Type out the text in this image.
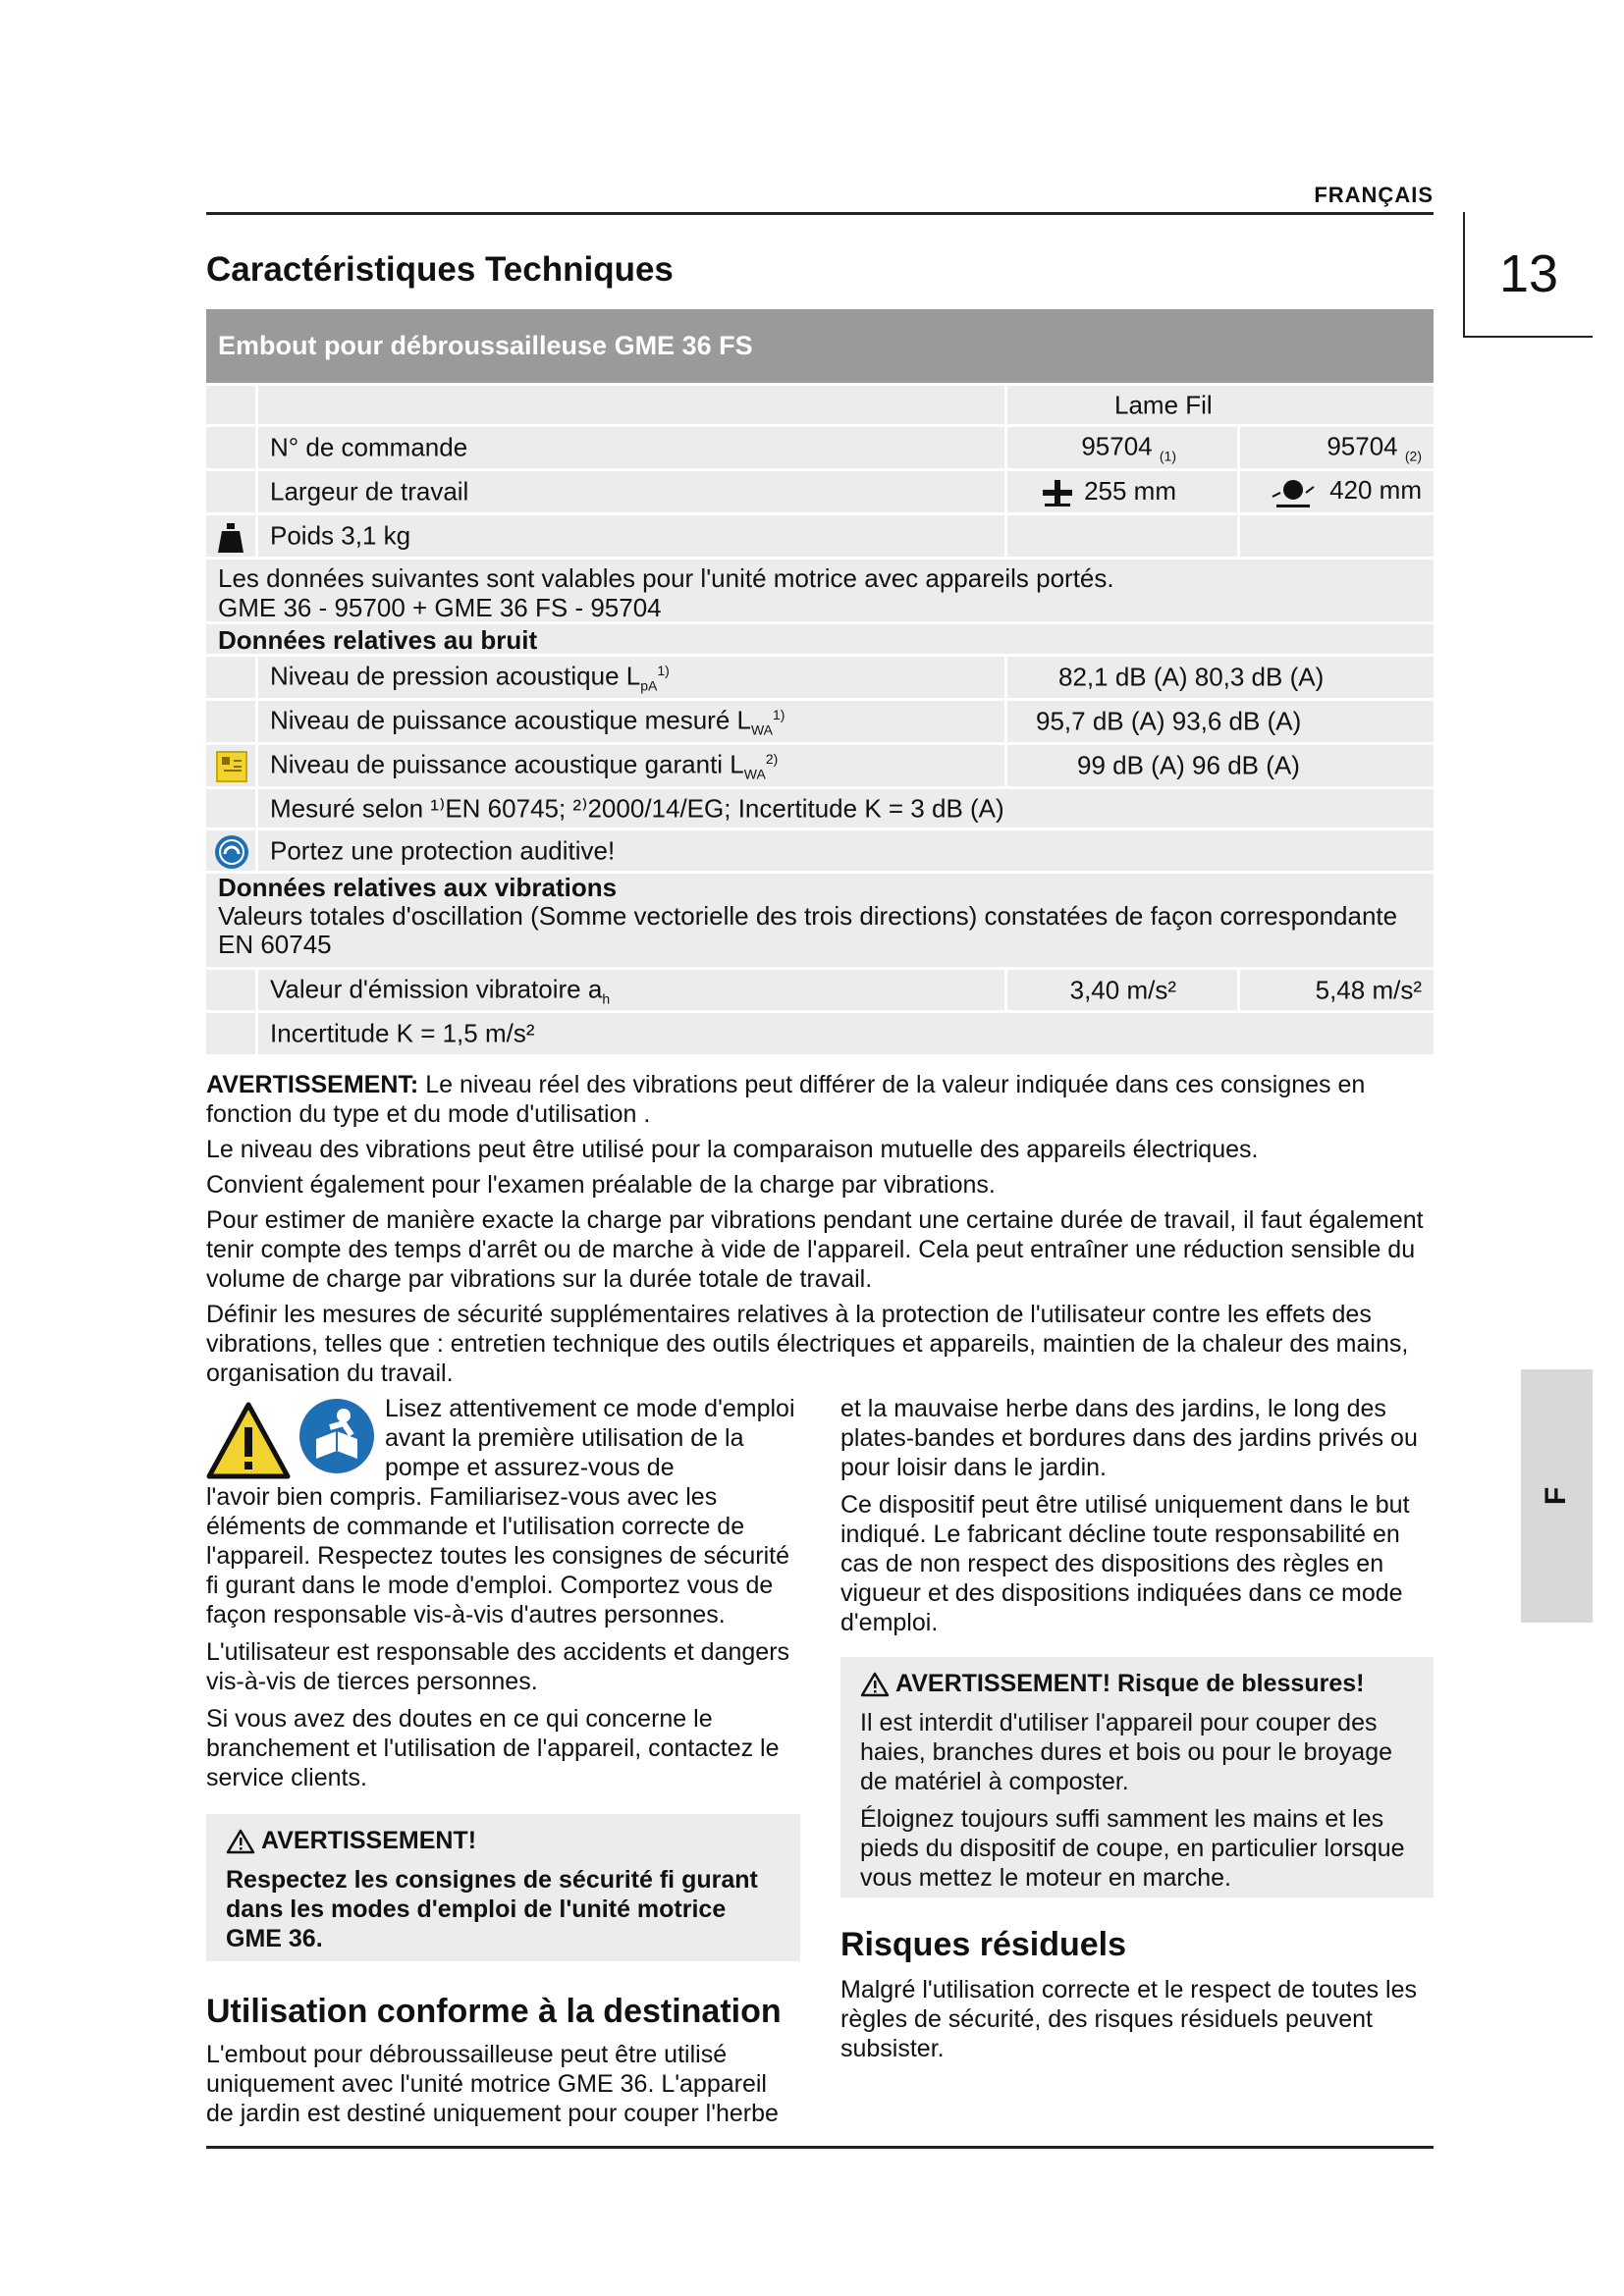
FRANÇAIS
13
Caractéristiques Techniques
Embout pour débroussailleuse GME 36 FS
Lame Fil
N° de commande	95704 $_{(1)}$	95704 $_{(2)}$
Largeur de travail	255 mm	420 mm
Poids 3,1 kg
Les données suivantes sont valables pour l'unité motrice avec appareils portés.
GME 36 - 95700 + GME 36 FS - 95704
Données relatives au bruit
Niveau de pression acoustique $L_{pA}^{1)}$	82,1 dB (A) 80,3 dB (A)
Niveau de puissance acoustique mesuré $L_{WA}^{1)}$	95,7 dB (A) 93,6 dB (A)
Niveau de puissance acoustique garanti $L_{WA}^{2)}$	99 dB (A) 96 dB (A)
Mesuré selon ¹⁾EN 60745; ²⁾2000/14/EG; Incertitude K = 3 dB (A)
Portez une protection auditive!
Données relatives aux vibrations
Valeurs totales d'oscillation (Somme vectorielle des trois directions) constatées de façon correspondante EN 60745
Valeur d'émission vibratoire $a_h$	3,40 m/s²	5,48 m/s²
Incertitude K = 1,5 m/s²
AVERTISSEMENT: Le niveau réel des vibrations peut différer de la valeur indiquée dans ces consignes en fonction du type et du mode d'utilisation .
Le niveau des vibrations peut être utilisé pour la comparaison mutuelle des appareils électriques.
Convient également pour l'examen préalable de la charge par vibrations.
Pour estimer de manière exacte la charge par vibrations pendant une certaine durée de travail, il faut également tenir compte des temps d'arrêt ou de marche à vide de l'appareil. Cela peut entraîner une réduction sensible du volume de charge par vibrations sur la durée totale de travail.
Définir les mesures de sécurité supplémentaires relatives à la protection de l'utilisateur contre les effets des vibrations, telles que : entretien technique des outils électriques et appareils, maintien de la chaleur des mains, organisation du travail.
Lisez attentivement ce mode d'emploi avant la première utilisation de la pompe et assurez-vous de
l'avoir bien compris. Familiarisez-vous avec les éléments de commande et l'utilisation correcte de l'appareil. Respectez toutes les consignes de sécurité fi gurant dans le mode d'emploi. Comportez vous de façon responsable vis-à-vis d'autres personnes.
L'utilisateur est responsable des accidents et dangers vis-à-vis de tierces personnes.
Si vous avez des doutes en ce qui concerne le branchement et l'utilisation de l'appareil, contactez le service clients.
AVERTISSEMENT!
Respectez les consignes de sécurité fi gurant dans les modes d'emploi de l'unité motrice GME 36.
Utilisation conforme à la destination
L'embout pour débroussailleuse peut être utilisé uniquement avec l'unité motrice GME 36. L'appareil de jardin est destiné uniquement pour couper l'herbe
et la mauvaise herbe dans des jardins, le long des plates-bandes et bordures dans des jardins privés ou pour loisir dans le jardin.
Ce dispositif peut être utilisé uniquement dans le but indiqué. Le fabricant décline toute responsabilité en cas de non respect des dispositions des règles en vigueur et des dispositions indiquées dans ce mode d'emploi.
AVERTISSEMENT! Risque de blessures!
Il est interdit d'utiliser l'appareil pour couper des haies, branches dures et bois ou pour le broyage de matériel à composter.
Éloignez toujours suffi samment les mains et les pieds du dispositif de coupe, en particulier lorsque vous mettez le moteur en marche.
Risques résiduels
Malgré l'utilisation correcte et le respect de toutes les règles de sécurité, des risques résiduels peuvent subsister.
F
